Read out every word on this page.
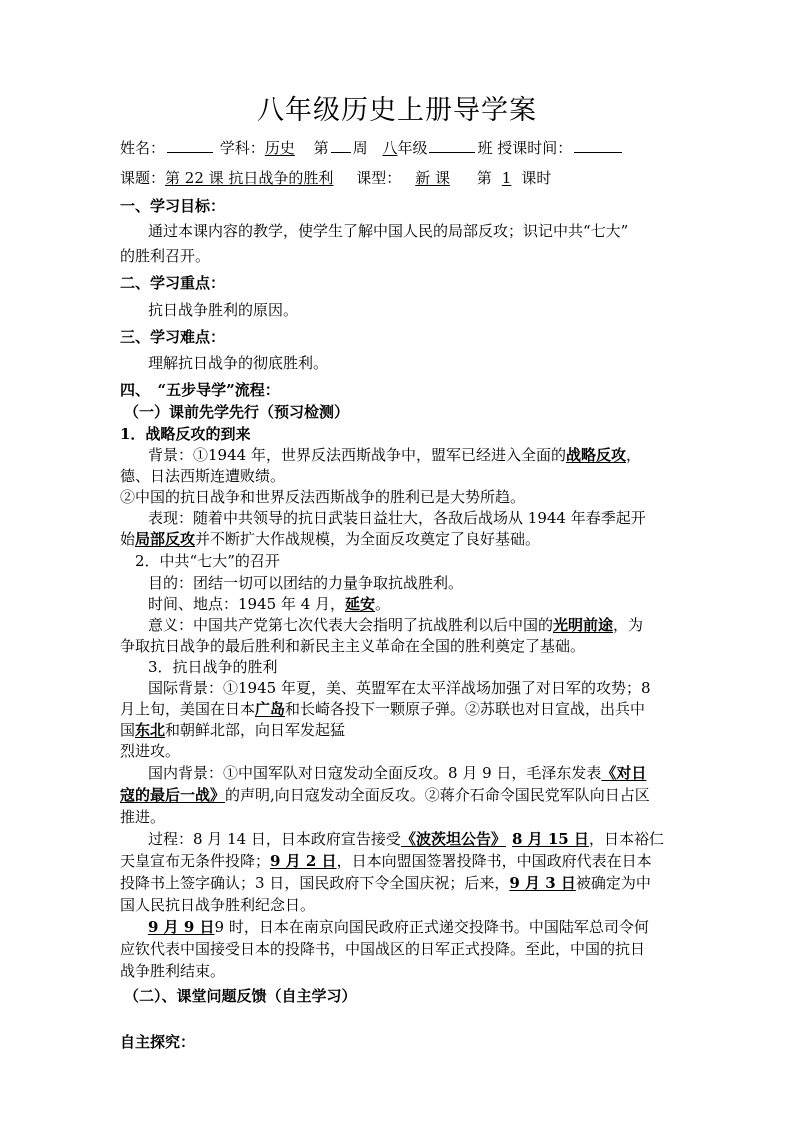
八年级历史上册导学案
姓名：	学科：历史 第 周 八年级	班 授课时间：
课题：第 22 课 抗日战争的胜利 课型： 新 课 第 1 课时
一、学习目标：
通过本课内容的教学，使学生了解中国人民的局部反攻；识记中共“七大”
的胜利召开。
二、学习重点：
抗日战争胜利的原因。
三、学习难点：
理解抗日战争的彻底胜利。
四、　“五步导学”流程：
（一）课前先学先行（预习检测）
1．战略反攻的到来
背景：①1944 年，世界反法西斯战争中，盟军已经进入全面的战略反攻，
德、日法西斯连遭败绩。
②中国的抗日战争和世界反法西斯战争的胜利已是大势所趋。
表现：随着中共领导的抗日武装日益壮大，各敌后战场从 1944 年春季起开
始局部反攻并不断扩大作战规模，为全面反攻奠定了良好基础。
2．中共“七大”的召开
目的：团结一切可以团结的力量争取抗战胜利。
时间、地点：1945 年 4 月，延安。
意义：中国共产党第七次代表大会指明了抗战胜利以后中国的光明前途，为
争取抗日战争的最后胜利和新民主主义革命在全国的胜利奠定了基础。
3．抗日战争的胜利
国际背景：①1945 年夏，美、英盟军在太平洋战场加强了对日军的攻势；8
月上旬，美国在日本广岛和长崎各投下一颗原子弹。②苏联也对日宣战，出兵中
国东北和朝鲜北部，向日军发起猛
烈进攻。
国内背景：①中国军队对日寇发动全面反攻。8 月 9 日，毛泽东发表《对日
寇的最后一战》的声明,向日寇发动全面反攻。②蒋介石命令国民党军队向日占区
推进。
过程：8 月 14 日，日本政府宣告接受《波茨坦公告》 8 月 15 日，日本裕仁
天皇宣布无条件投降；9 月 2 日，日本向盟国签署投降书，中国政府代表在日本
投降书上签字确认；3 日，国民政府下令全国庆祝；后来，9 月 3 日被确定为中
国人民抗日战争胜利纪念日。
9 月 9 日9 时，日本在南京向国民政府正式递交投降书。中国陆军总司令何
应钦代表中国接受日本的投降书，中国战区的日军正式投降。至此，中国的抗日
战争胜利结束。
（二）、课堂问题反馈（自主学习）
自主探究：
